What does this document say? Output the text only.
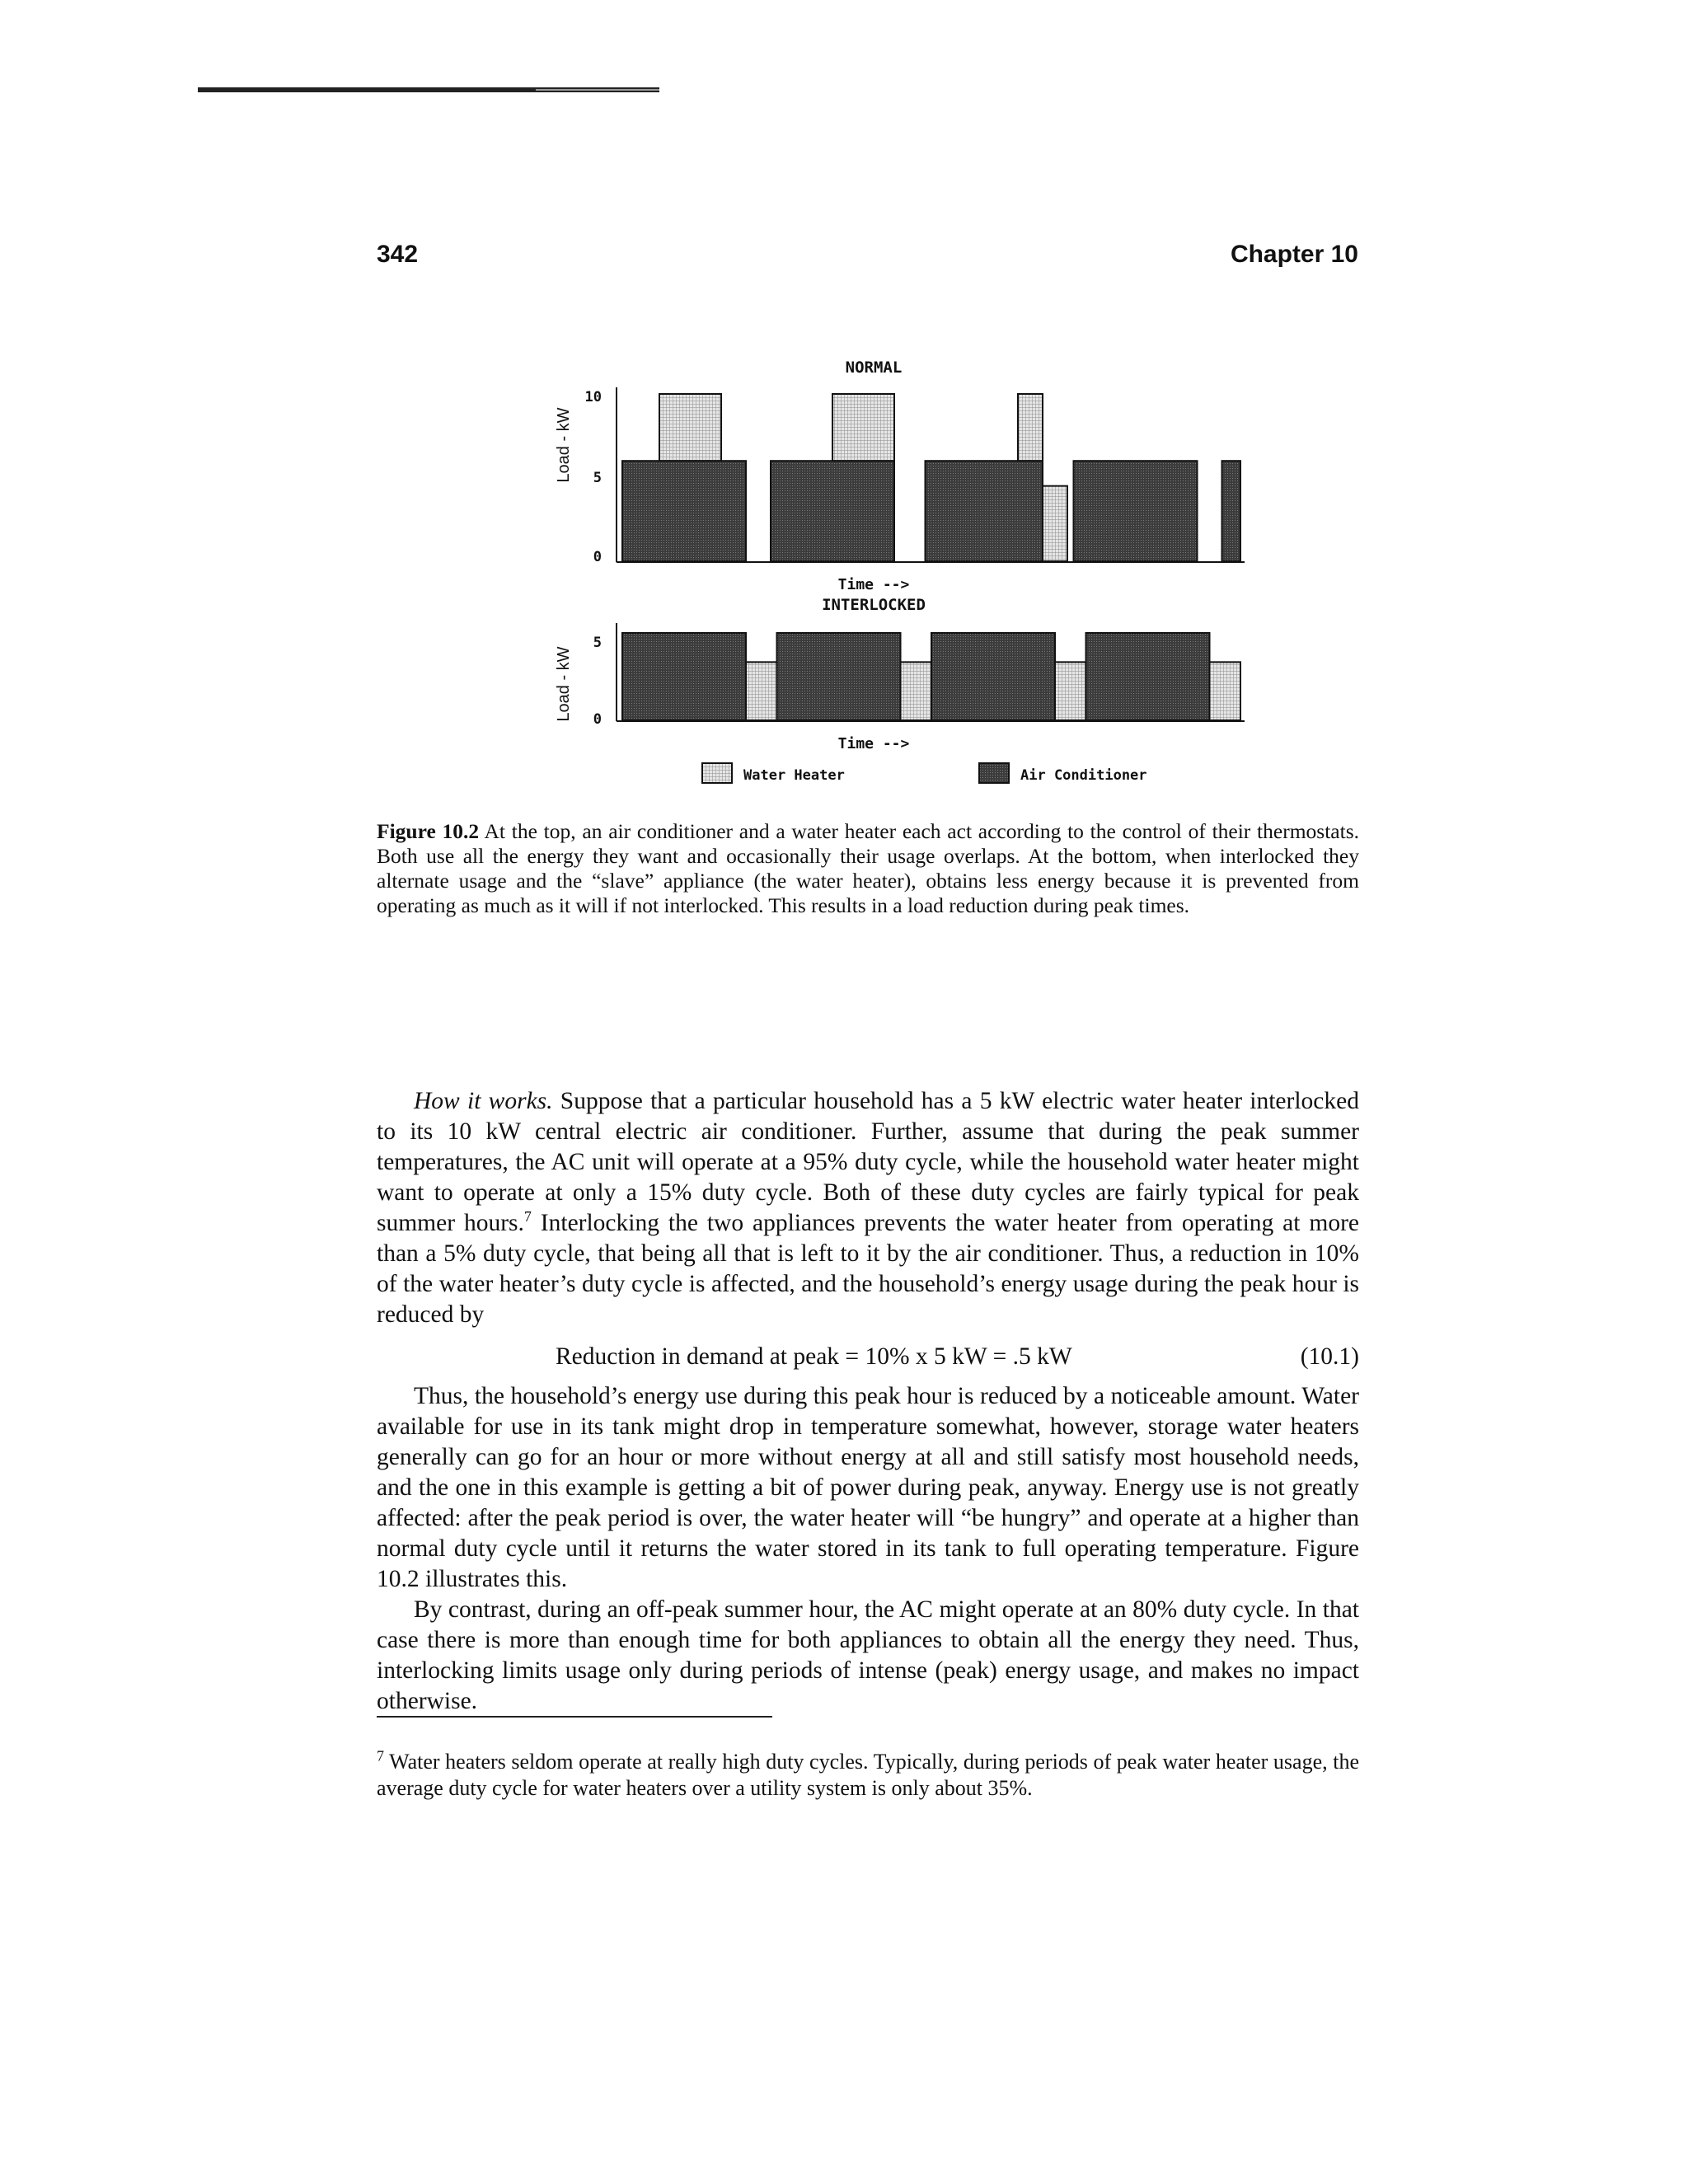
342	Chapter 10
NORMAL
Load - kW
10
5
0
Time -->
INTERLOCKED
Load - kW
5
0
Time -->
Water Heater	Air Conditioner
Figure 10.2 At the top, an air conditioner and a water heater each act according to the control of their thermostats. Both use all the energy they want and occasionally their usage overlaps. At the bottom, when interlocked they alternate usage and the “slave” appliance (the water heater), obtains less energy because it is prevented from operating as much as it will if not interlocked. This results in a load reduction during peak times.

How it works. Suppose that a particular household has a 5 kW electric water heater interlocked to its 10 kW central electric air conditioner. Further, assume that during the peak summer temperatures, the AC unit will operate at a 95% duty cycle, while the household water heater might want to operate at only a 15% duty cycle. Both of these duty cycles are fairly typical for peak summer hours.$^7$ Interlocking the two appliances prevents the water heater from operating at more than a 5% duty cycle, that being all that is left to it by the air conditioner. Thus, a reduction in 10% of the water heater’s duty cycle is affected, and the household’s energy usage during the peak hour is reduced by

Reduction in demand at peak = 10% x 5 kW = .5 kW	(10.1)

Thus, the household’s energy use during this peak hour is reduced by a noticeable amount. Water available for use in its tank might drop in temperature somewhat, however, storage water heaters generally can go for an hour or more without energy at all and still satisfy most household needs, and the one in this example is getting a bit of power during peak, anyway. Energy use is not greatly affected: after the peak period is over, the water heater will “be hungry” and operate at a higher than normal duty cycle until it returns the water stored in its tank to full operating temperature. Figure 10.2 illustrates this.

By contrast, during an off-peak summer hour, the AC might operate at an 80% duty cycle. In that case there is more than enough time for both appliances to obtain all the energy they need. Thus, interlocking limits usage only during periods of intense (peak) energy usage, and makes no impact otherwise.

$^7$ Water heaters seldom operate at really high duty cycles. Typically, during periods of peak water heater usage, the average duty cycle for water heaters over a utility system is only about 35%.
